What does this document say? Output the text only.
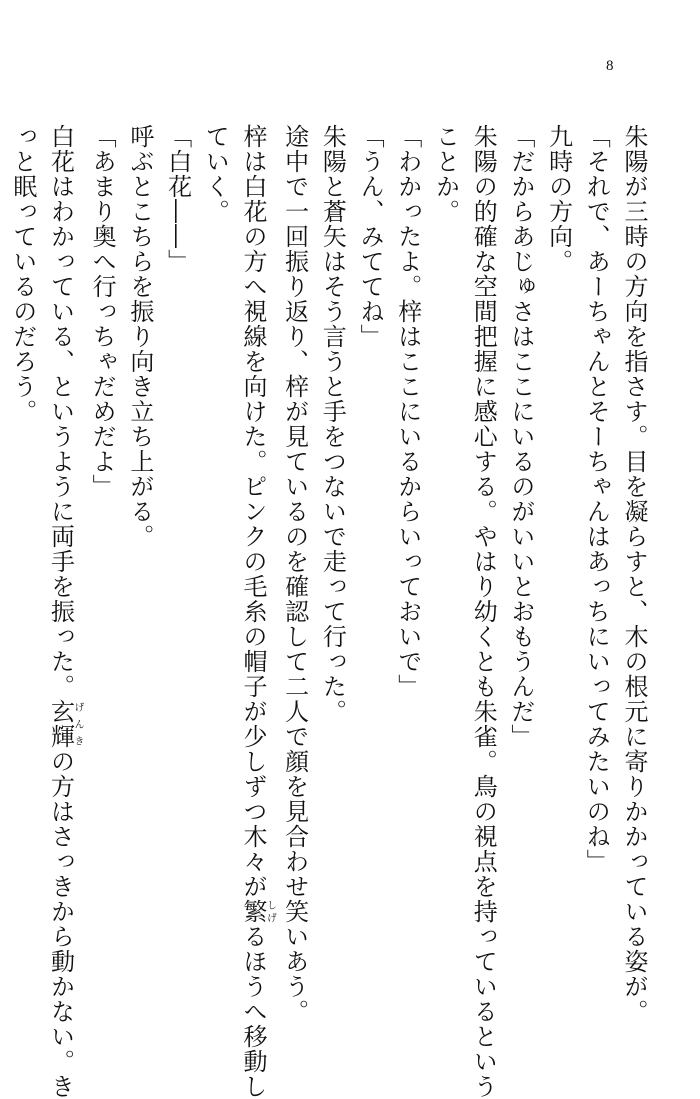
8
朱陽が三時の方向を指さす。目を凝らすと、木の根元に寄りかかっている姿が。
「それで、あーちゃんとそーちゃんはあっちにいってみたいのね」
九時の方向。
「だからあじゅさはここにいるのがいいとおもうんだ」
朱陽の的確な空間把握に感心する。やはり幼くとも朱雀。鳥の視点を持っているという
ことか。
「わかったよ。梓はここにいるからいっておいで」
「うん、みててね」
朱陽と蒼矢はそう言うと手をつないで走って行った。
途中で一回振り返り、梓が見ているのを確認して二人で顔を見合わせ笑いあう。
梓は白花の方へ視線を向けた。ピンクの毛糸の帽子が少しずつ木々が繁しげるほうへ移動し
ていく。
「白花――」
呼ぶとこちらを振り向き立ち上がる。
「あまり奥へ行っちゃだめだよ」
白花はわかっている、というように両手を振った。玄輝げんきの方はさっきから動かない。き
っと眠っているのだろう。
